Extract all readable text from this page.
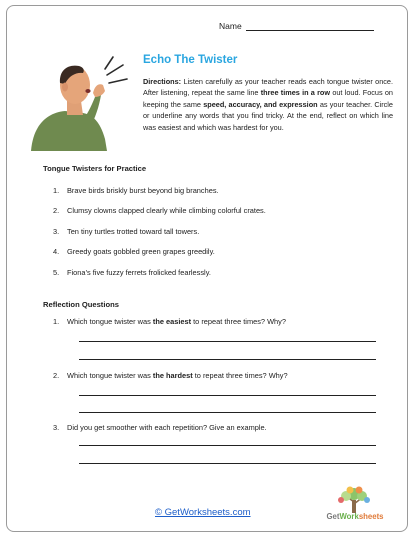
Name
Echo The Twister
Directions: Listen carefully as your teacher reads each tongue twister once. After listening, repeat the same line three times in a row out loud. Focus on keeping the same speed, accuracy, and expression as your teacher. Circle or underline any words that you find tricky. At the end, reflect on which line was easiest and which was hardest for you.
Tongue Twisters for Practice
1. Brave birds briskly burst beyond big branches.
2. Clumsy clowns clapped clearly while climbing colorful crates.
3. Ten tiny turtles trotted toward tall towers.
4. Greedy goats gobbled green grapes greedily.
5. Fiona’s five fuzzy ferrets frolicked fearlessly.
Reflection Questions
1. Which tongue twister was the easiest to repeat three times? Why?
2. Which tongue twister was the hardest to repeat three times? Why?
3. Did you get smoother with each repetition? Give an example.
© GetWorksheets.com	GetWorksheets
